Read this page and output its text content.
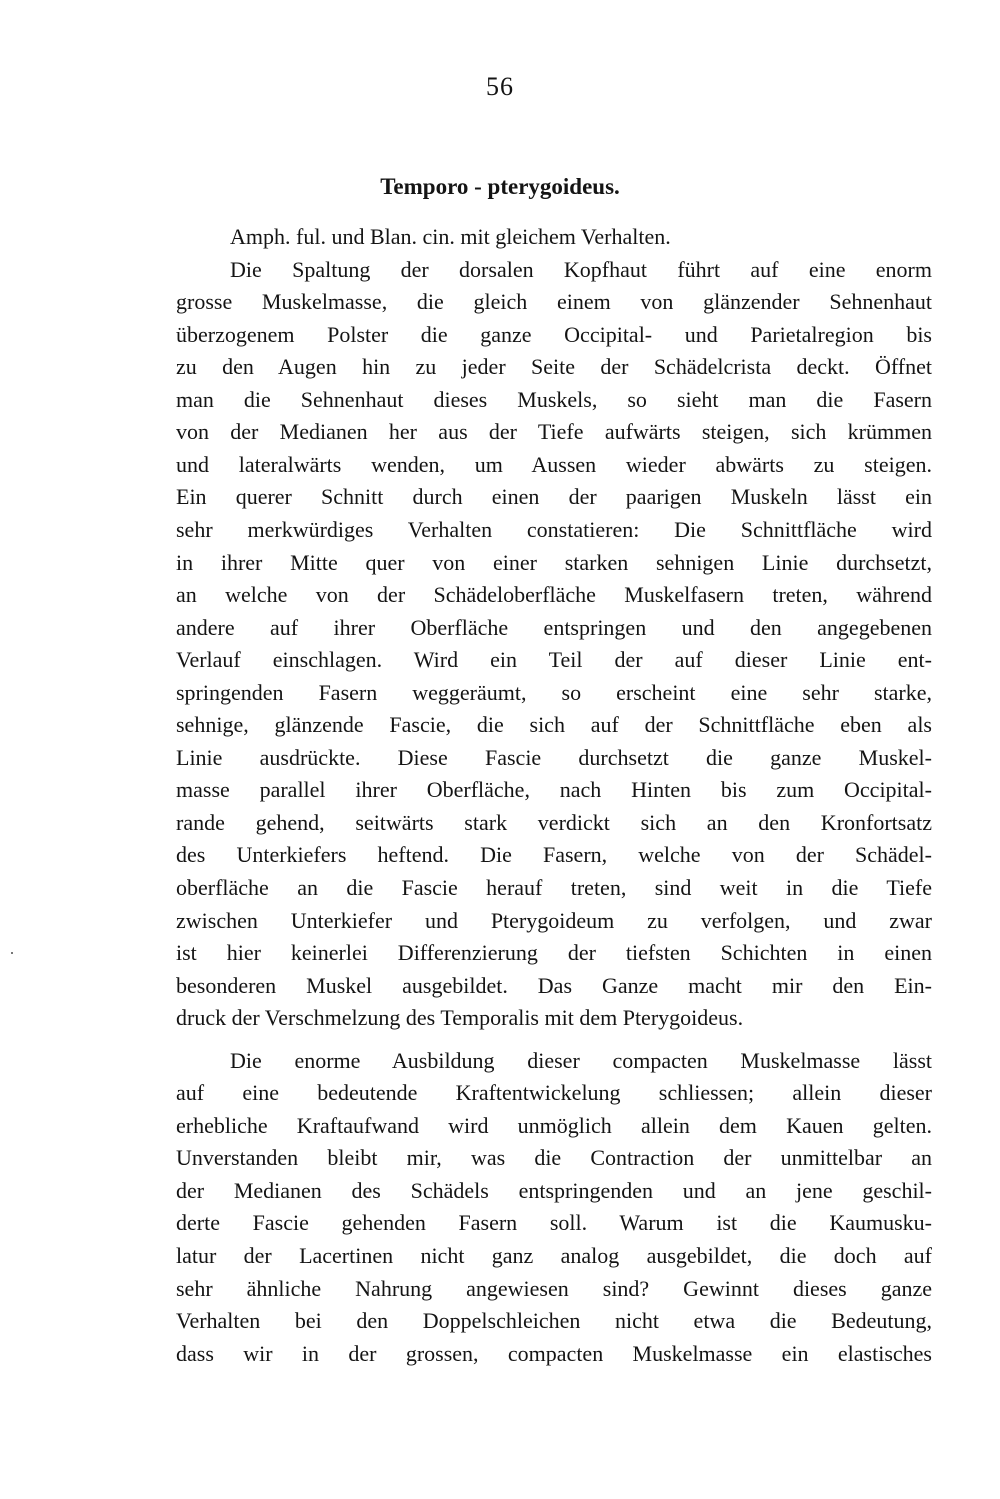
56
Temporo - pterygoideus.
Amph. ful. und Blan. cin. mit gleichem Verhalten.
Die Spaltung der dorsalen Kopfhaut führt auf eine enorm
grosse Muskelmasse, die gleich einem von glänzender Sehnenhaut
überzogenem Polster die ganze Occipital- und Parietalregion bis
zu den Augen hin zu jeder Seite der Schädelcrista deckt. Öffnet
man die Sehnenhaut dieses Muskels, so sieht man die Fasern
von der Medianen her aus der Tiefe aufwärts steigen, sich krümmen
und lateralwärts wenden, um Aussen wieder abwärts zu steigen.
Ein querer Schnitt durch einen der paarigen Muskeln lässt ein
sehr merkwürdiges Verhalten constatieren: Die Schnittfläche wird
in ihrer Mitte quer von einer starken sehnigen Linie durchsetzt,
an welche von der Schädeloberfläche Muskelfasern treten, während
andere auf ihrer Oberfläche entspringen und den angegebenen
Verlauf einschlagen. Wird ein Teil der auf dieser Linie ent-
springenden Fasern weggeräumt, so erscheint eine sehr starke,
sehnige, glänzende Fascie, die sich auf der Schnittfläche eben als
Linie ausdrückte. Diese Fascie durchsetzt die ganze Muskel-
masse parallel ihrer Oberfläche, nach Hinten bis zum Occipital-
rande gehend, seitwärts stark verdickt sich an den Kronfortsatz
des Unterkiefers heftend. Die Fasern, welche von der Schädel-
oberfläche an die Fascie herauf treten, sind weit in die Tiefe
zwischen Unterkiefer und Pterygoideum zu verfolgen, und zwar
ist hier keinerlei Differenzierung der tiefsten Schichten in einen
besonderen Muskel ausgebildet. Das Ganze macht mir den Ein-
druck der Verschmelzung des Temporalis mit dem Pterygoideus.
Die enorme Ausbildung dieser compacten Muskelmasse lässt
auf eine bedeutende Kraftentwickelung schliessen; allein dieser
erhebliche Kraftaufwand wird unmöglich allein dem Kauen gelten.
Unverstanden bleibt mir, was die Contraction der unmittelbar an
der Medianen des Schädels entspringenden und an jene geschil-
derte Fascie gehenden Fasern soll. Warum ist die Kaumusku-
latur der Lacertinen nicht ganz analog ausgebildet, die doch auf
sehr ähnliche Nahrung angewiesen sind? Gewinnt dieses ganze
Verhalten bei den Doppelschleichen nicht etwa die Bedeutung,
dass wir in der grossen, compacten Muskelmasse ein elastisches
